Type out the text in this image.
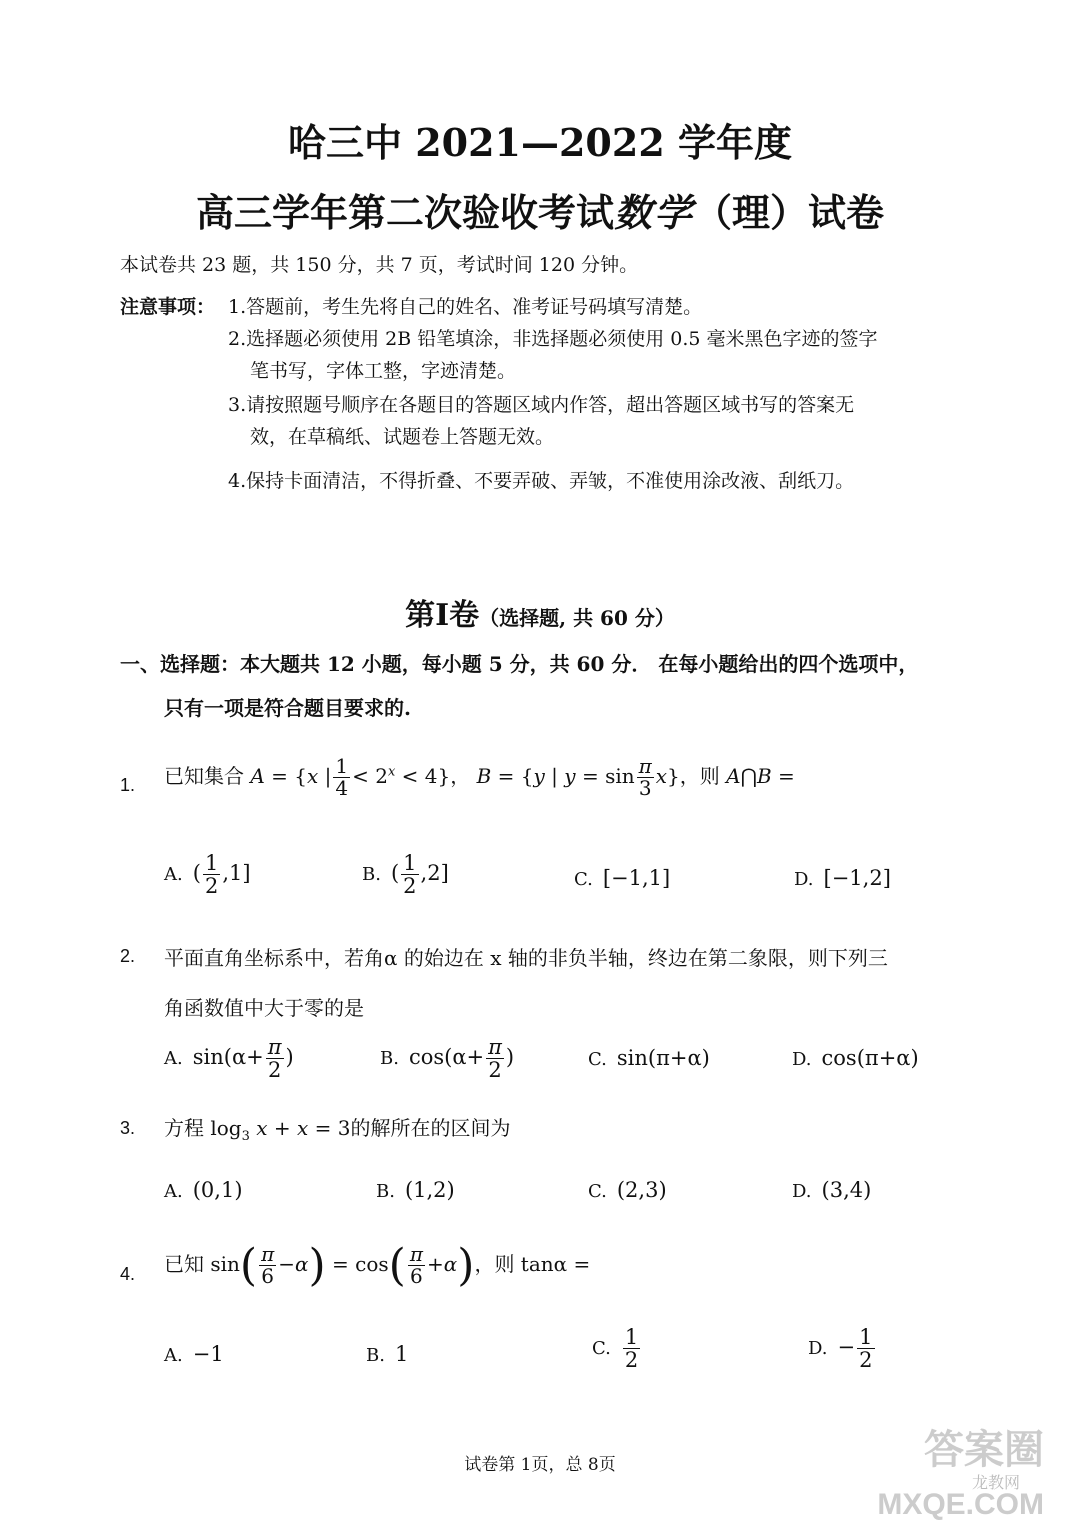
哈三中 2021—2022 学年度
高三学年第二次验收考试数学（理）试卷
本试卷共 23 题，共 150 分，共 7 页，考试时间 120 分钟。
注意事项： 1.答题前，考生先将自己的姓名、准考证号码填写清楚。
2.选择题必须使用 2B 铅笔填涂，非选择题必须使用 0.5 毫米黑色字迹的签字
笔书写，字体工整，字迹清楚。
3.请按照题号顺序在各题目的答题区域内作答，超出答题区域书写的答案无
效，在草稿纸、试题卷上答题无效。
4.保持卡面清洁，不得折叠、不要弄破、弄皱，不准使用涂改液、刮纸刀。
第Ⅰ卷（选择题, 共 60 分）
一、选择题：本大题共 12 小题，每小题 5 分，共 60 分． 在每小题给出的四个选项中，
只有一项是符合题目要求的.
1. 已知集合 A = {x | $\frac{1}{4} < 2^x < 4$}， B = {y | $y = \sin \frac{\pi}{3} x$}，则 A⋂B =
A. ( $\frac{1}{2} ,1$]	B. ( $\frac{1}{2} ,2$]	C. [−1,1]	D. [−1,2]
2. 平面直角坐标系中，若角α 的始边在 x 轴的非负半轴，终边在第二象限，则下列三
角函数值中大于零的是
A. $\sin(\alpha+ \frac{\pi}{2}$ )	B. $\cos(\alpha+ \frac{\pi}{2}$ )	C. sin(π+α)	D. cos(π+α)
3. 方程 $\log_3 x + x = 3$的解所在的区间为
A. (0,1)	B. (1,2)	C. (2,3)	D. (3,4)
4. 已知 $\sin( \frac{\pi}{6} -\alpha) = \cos( \frac{\pi}{6} +\alpha)$，则 tanα =
A. −1	B. 1	C. $\frac{1}{2}$	D. − $\frac{1}{2}$
试卷第 1页，总 8页	答案圈
龙教网
MXQE.COM
